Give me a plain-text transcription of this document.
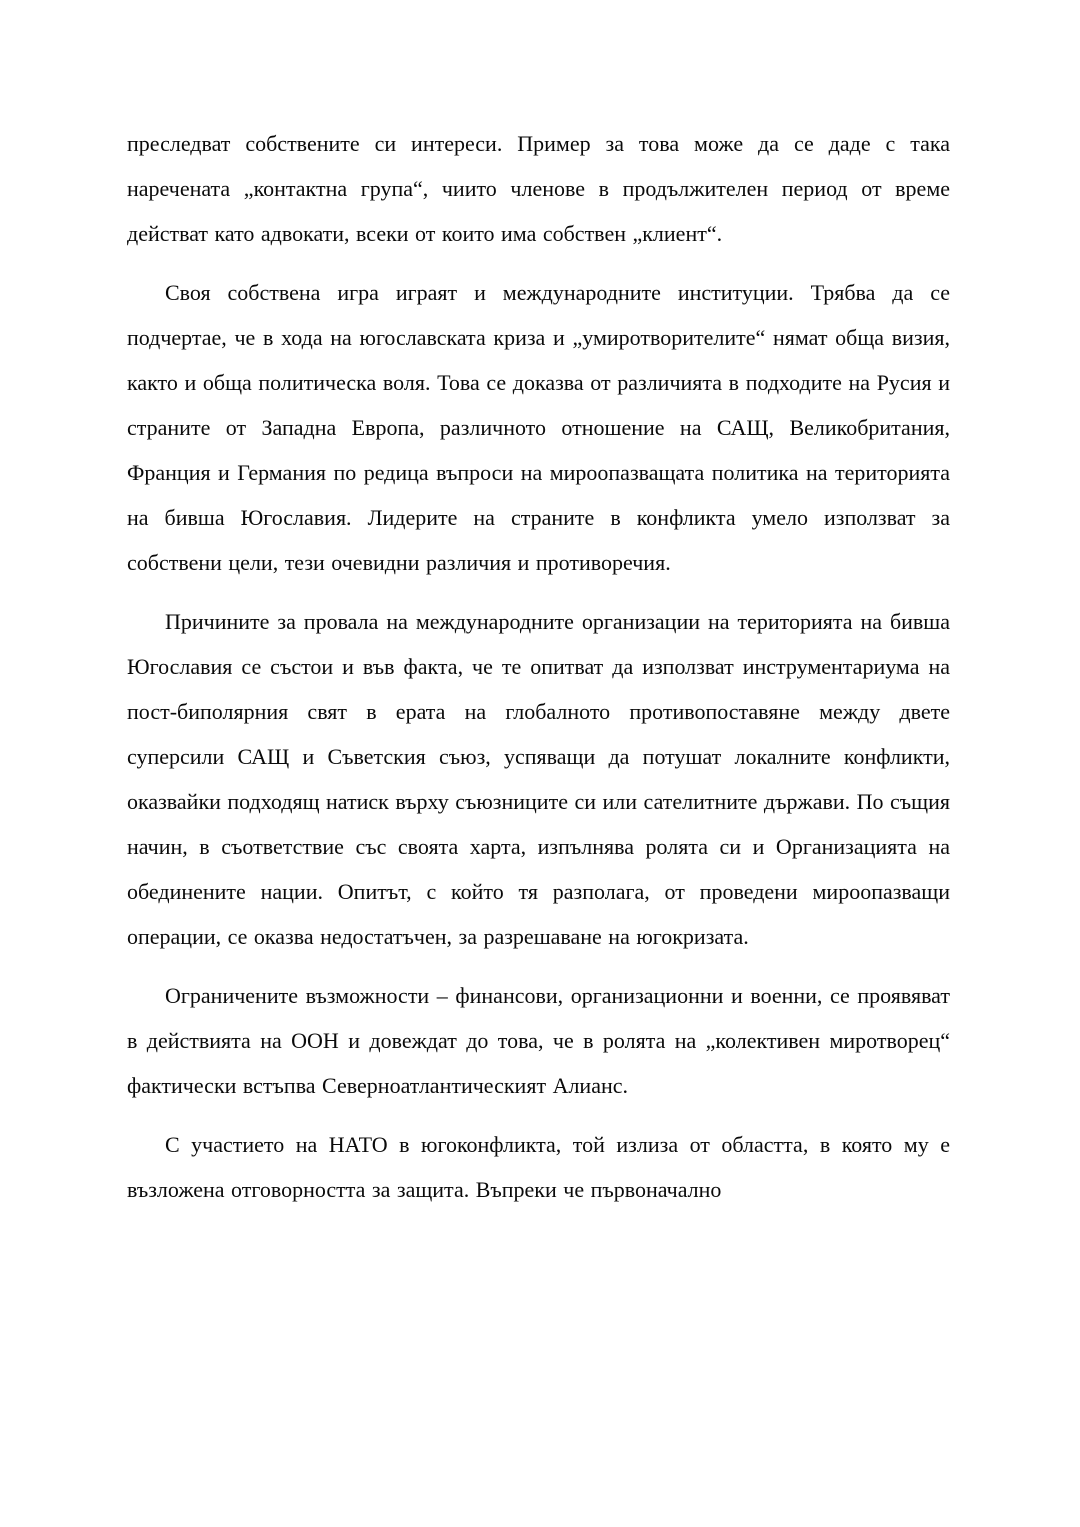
преследват собствените си интереси. Пример за това може да се даде с така наречената „контактна група“, чиито членове в продължителен период от време действат като адвокати, всеки от които има собствен „клиент“.

Своя собствена игра играят и международните институции. Трябва да се подчертае, че в хода на югославската криза и „умиротворителите“ нямат обща визия, както и обща политическа воля. Това се доказва от различията в подходите на Русия и страните от Западна Европа, различното отношение на САЩ, Великобритания, Франция и Германия по редица въпроси на мироопазващата политика на територията на бивша Югославия. Лидерите на страните в конфликта умело използват за собствени цели, тези очевидни различия и противоречия.

Причините за провала на международните организации на територията на бивша Югославия се състои и във факта, че те опитват да използват инструментариума на пост-биполярния свят в ерата на глобалното противопоставяне между двете суперсили САЩ и Съветския съюз, успяващи да потушат локалните конфликти, оказвайки подходящ натиск върху съюзниците си или сателитните държави. По същия начин, в съответствие със своята харта, изпълнява ролята си и Организацията на обединените нации. Опитът, с който тя разполага, от проведени мироопазващи операции, се оказва недостатъчен, за разрешаване на югокризата.

Ограничените възможности – финансови, организационни и военни, се проявяват в действията на ООН и довеждат до това, че в ролята на „колективен миротворец“ фактически встъпва Северноатлантическият Алианс.

С участието на НАТО в югоконфликта, той излиза от областта, в която му е възложена отговорността за защита. Въпреки че първоначално
